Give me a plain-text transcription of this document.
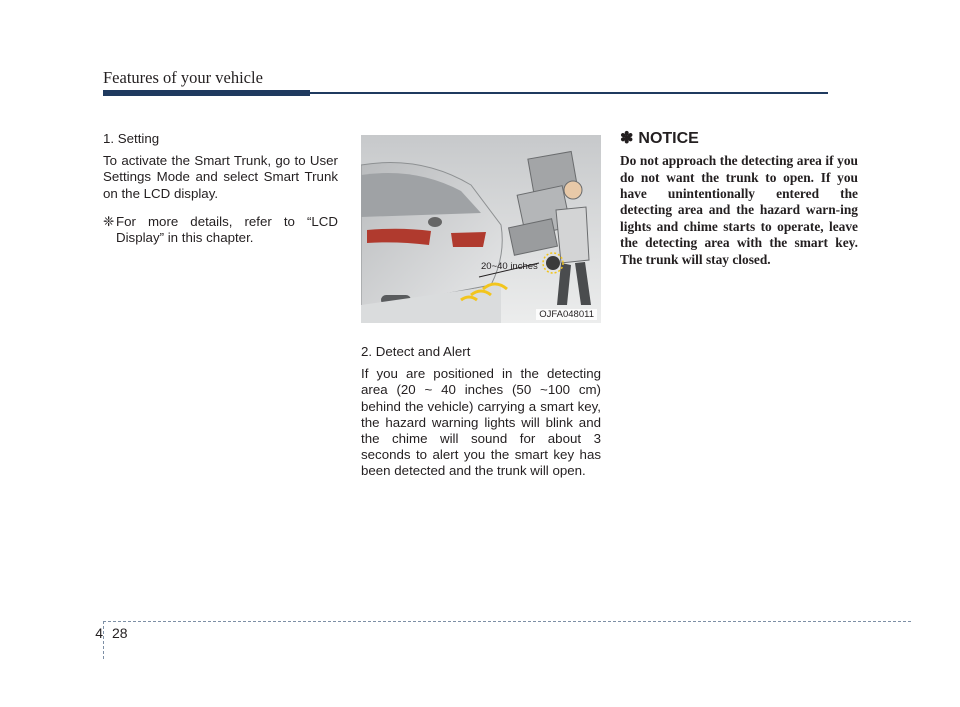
Features of your vehicle

1. Setting

To activate the Smart Trunk, go to User Settings Mode and select Smart Trunk on the LCD display.

❈ For more details, refer to “LCD Display” in this chapter.
20~40 inches
OJFA048011

2. Detect and Alert

If you are positioned in the detecting area (20 ~ 40 inches (50 ~100 cm) behind the vehicle) carrying a smart key, the hazard warning lights will blink and the chime will sound for about 3 seconds to alert you the smart key has been detected and the trunk will open.

✽ NOTICE

Do not approach the detecting area if you do not want the trunk to open. If you have unintentionally entered the detecting area and the hazard warn-ing lights and chime starts to operate, leave the detecting area with the smart key. The trunk will stay closed.

4 28
